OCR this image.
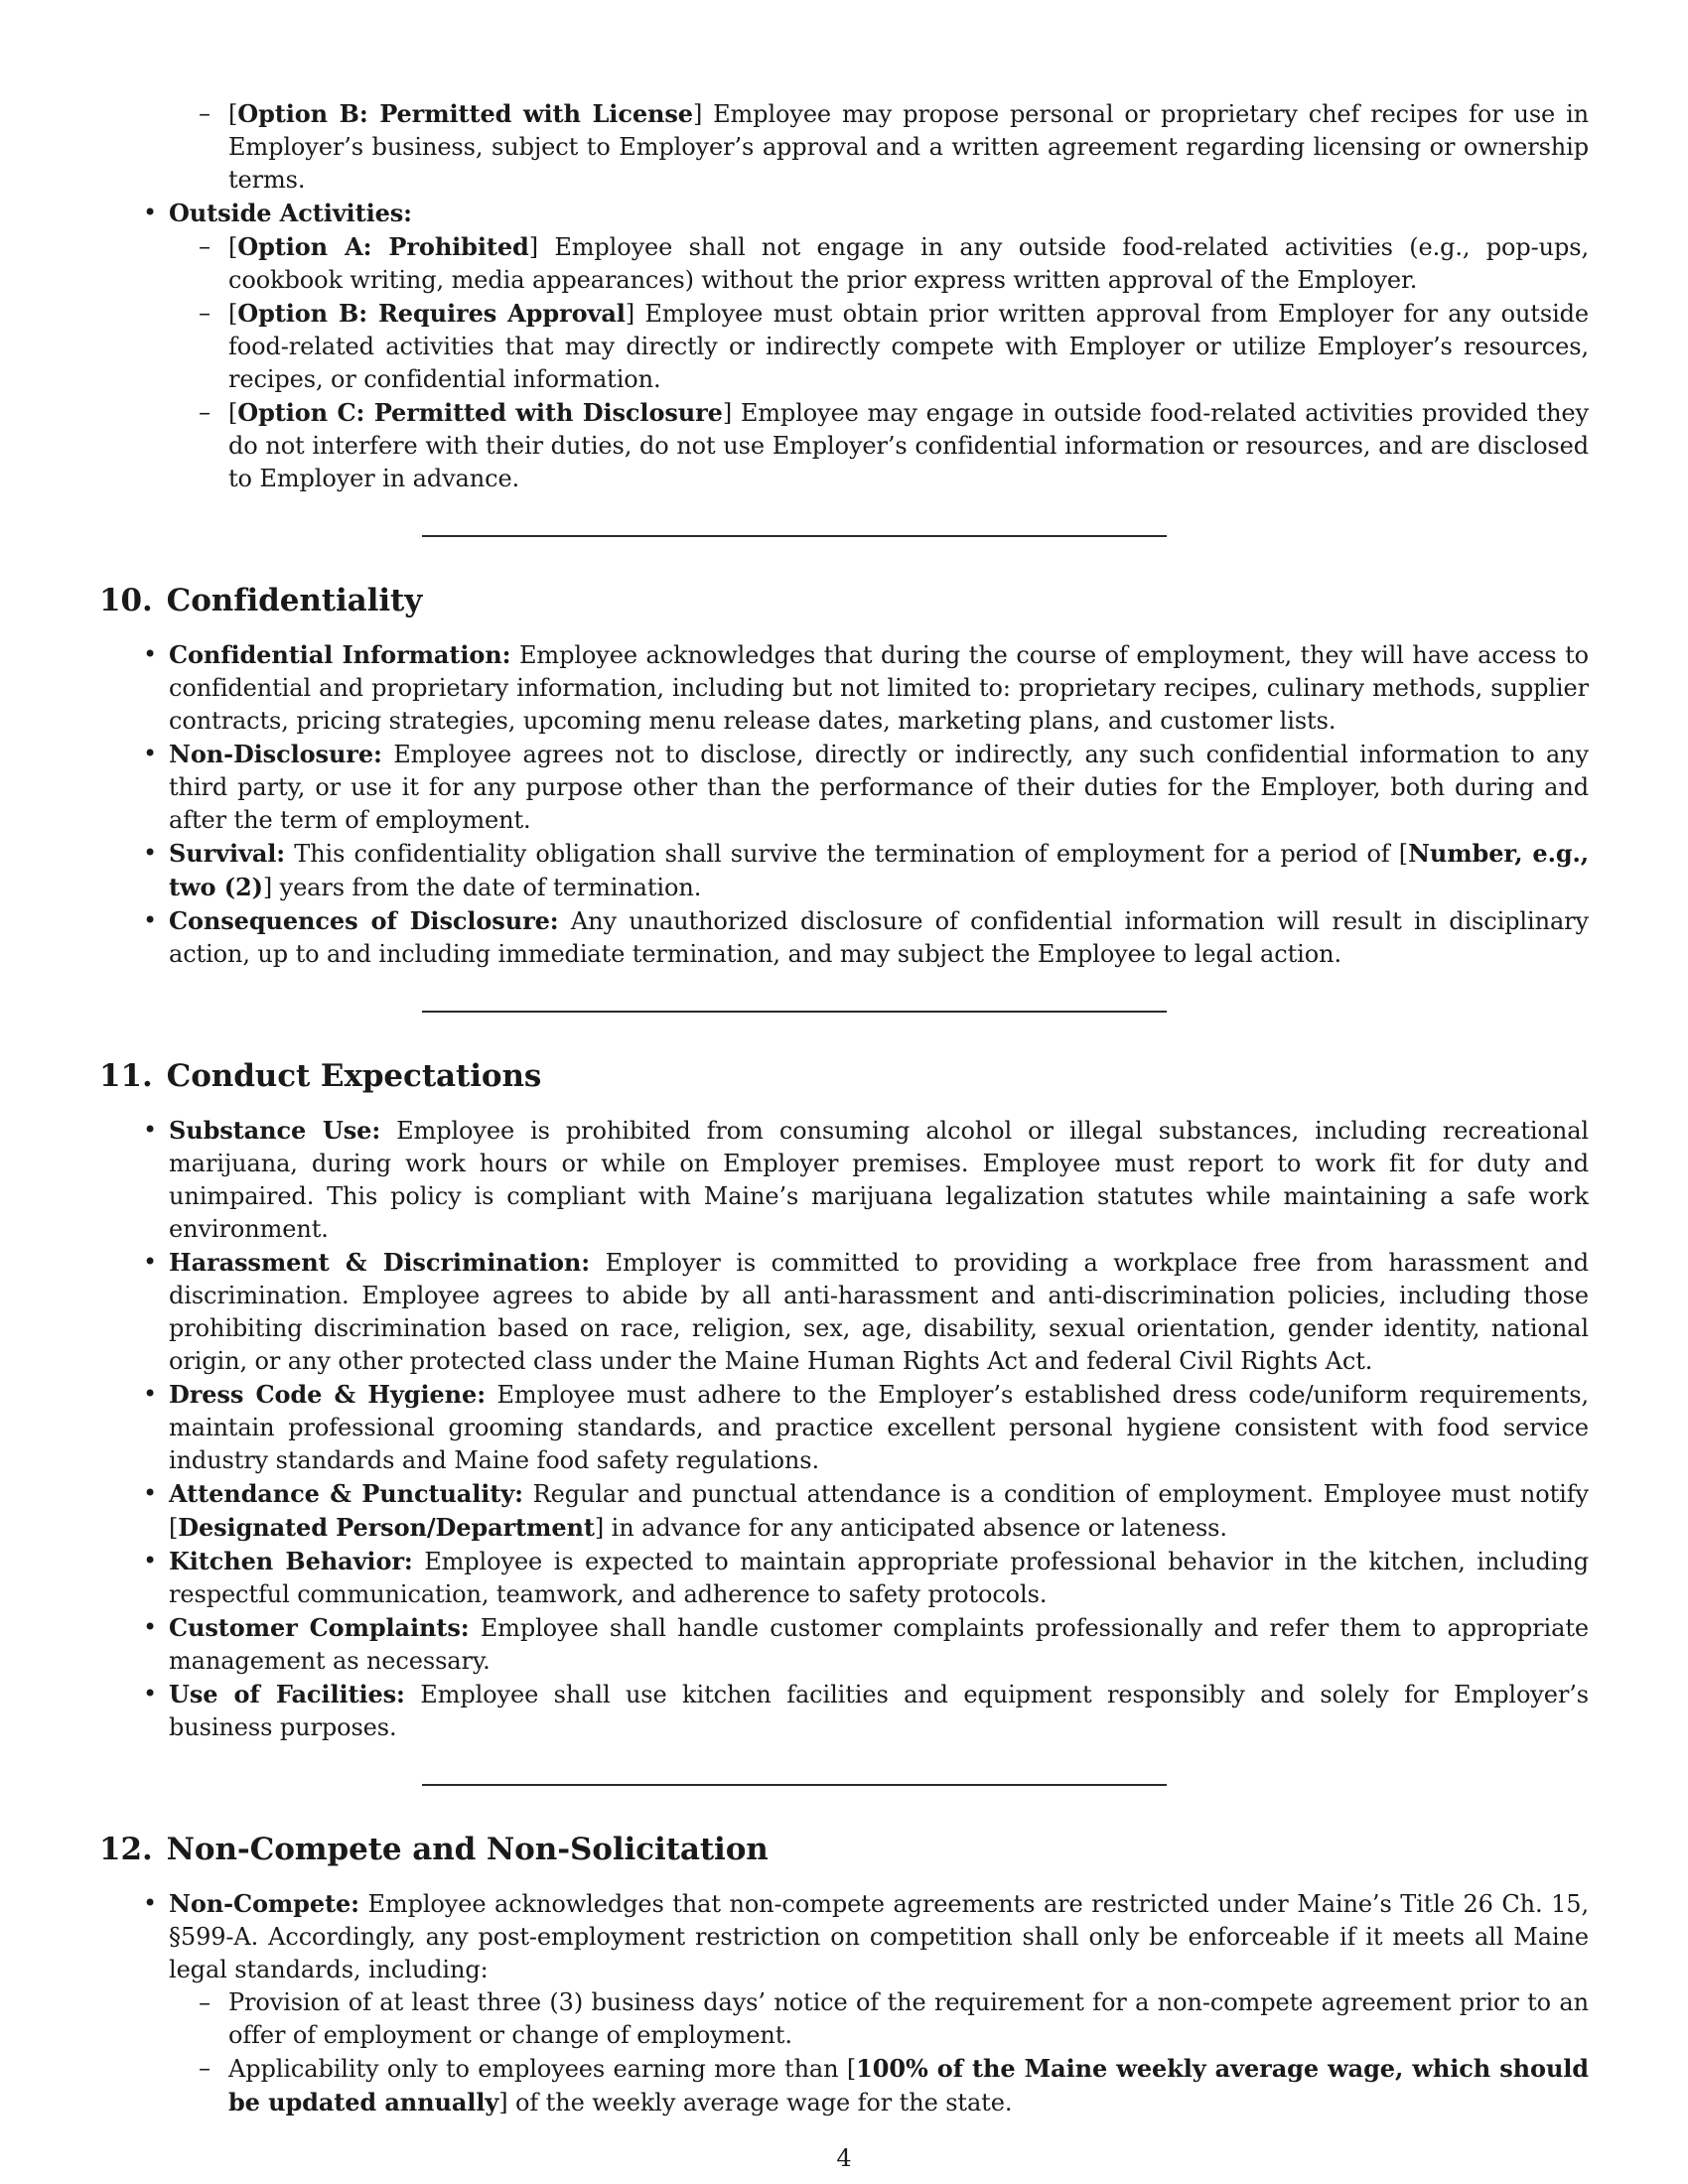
– [Option B: Permitted with License] Employee may propose personal or proprietary chef recipes for use in Employer’s business, subject to Employer’s approval and a written agreement regarding licensing or ownership terms.
• Outside Activities:
– [Option A: Prohibited] Employee shall not engage in any outside food-related activities (e.g., pop-ups, cookbook writing, media appearances) without the prior express written approval of the Employer.
– [Option B: Requires Approval] Employee must obtain prior written approval from Employer for any outside food-related activities that may directly or indirectly compete with Employer or utilize Employer’s resources, recipes, or confidential information.
– [Option C: Permitted with Disclosure] Employee may engage in outside food-related activities provided they do not interfere with their duties, do not use Employer’s confidential information or resources, and are disclosed to Employer in advance.
10. Confidentiality
• Confidential Information: Employee acknowledges that during the course of employment, they will have access to confidential and proprietary information, including but not limited to: proprietary recipes, culinary methods, supplier contracts, pricing strategies, upcoming menu release dates, marketing plans, and customer lists.
• Non-Disclosure: Employee agrees not to disclose, directly or indirectly, any such confidential information to any third party, or use it for any purpose other than the performance of their duties for the Employer, both during and after the term of employment.
• Survival: This confidentiality obligation shall survive the termination of employment for a period of [Number, e.g., two (2)] years from the date of termination.
• Consequences of Disclosure: Any unauthorized disclosure of confidential information will result in disciplinary action, up to and including immediate termination, and may subject the Employee to legal action.
11. Conduct Expectations
• Substance Use: Employee is prohibited from consuming alcohol or illegal substances, including recreational marijuana, during work hours or while on Employer premises. Employee must report to work fit for duty and unimpaired. This policy is compliant with Maine’s marijuana legalization statutes while maintaining a safe work environment.
• Harassment & Discrimination: Employer is committed to providing a workplace free from harassment and discrimination. Employee agrees to abide by all anti-harassment and anti-discrimination policies, including those prohibiting discrimination based on race, religion, sex, age, disability, sexual orientation, gender identity, national origin, or any other protected class under the Maine Human Rights Act and federal Civil Rights Act.
• Dress Code & Hygiene: Employee must adhere to the Employer’s established dress code/uniform requirements, maintain professional grooming standards, and practice excellent personal hygiene consistent with food service industry standards and Maine food safety regulations.
• Attendance & Punctuality: Regular and punctual attendance is a condition of employment. Employee must notify [Designated Person/Department] in advance for any anticipated absence or lateness.
• Kitchen Behavior: Employee is expected to maintain appropriate professional behavior in the kitchen, including respectful communication, teamwork, and adherence to safety protocols.
• Customer Complaints: Employee shall handle customer complaints professionally and refer them to appropriate management as necessary.
• Use of Facilities: Employee shall use kitchen facilities and equipment responsibly and solely for Employer’s business purposes.
12. Non-Compete and Non-Solicitation
• Non-Compete: Employee acknowledges that non-compete agreements are restricted under Maine’s Title 26 Ch. 15, §599-A. Accordingly, any post-employment restriction on competition shall only be enforceable if it meets all Maine legal standards, including:
– Provision of at least three (3) business days’ notice of the requirement for a non-compete agreement prior to an offer of employment or change of employment.
– Applicability only to employees earning more than [100% of the Maine weekly average wage, which should be updated annually] of the weekly average wage for the state.
4
